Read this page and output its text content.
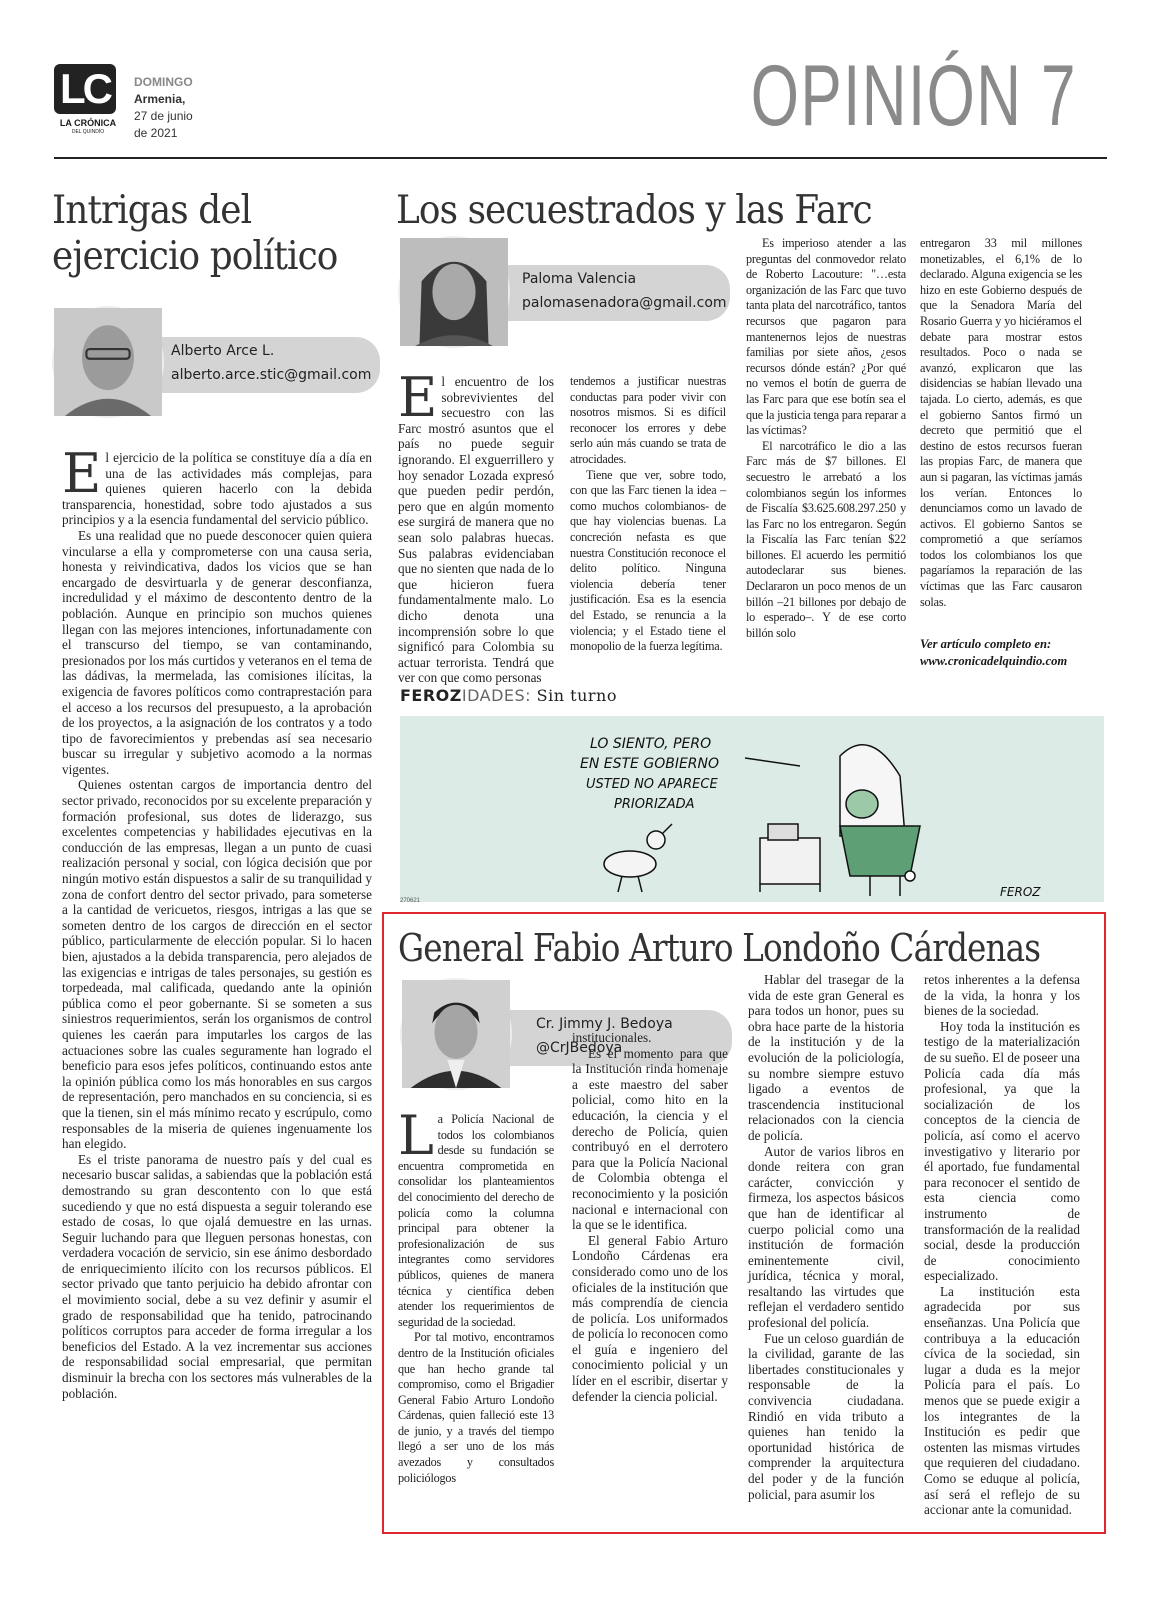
LC
LA CRÓNICA
DEL QUINDÍO
DOMINGO
Armenia,
27 de junio
de 2021	OPINIÓN 7
Intrigas del ejercicio político
Alberto Arce L.
alberto.arce.stic@gmail.com

El ejercicio de la política se constituye día a día en una de las actividades más complejas, para quienes quieren hacerlo con la debida transparencia, honestidad, sobre todo ajustados a sus principios y a la esencia fundamental del servicio público.

Es una realidad que no puede desconocer quien quiera vincularse a ella y comprometerse con una causa seria, honesta y reivindicativa, dados los vicios que se han encargado de desvirtuarla y de generar desconfianza, incredulidad y el máximo de descontento dentro de la población. Aunque en principio son muchos quienes llegan con las mejores intenciones, infortunadamente con el transcurso del tiempo, se van contaminando, presionados por los más curtidos y veteranos en el tema de las dádivas, la mermelada, las comisiones ilícitas, la exigencia de favores políticos como contraprestación para el acceso a los recursos del presupuesto, a la aprobación de los proyectos, a la asignación de los contratos y a todo tipo de favorecimientos y prebendas así sea necesario buscar su irregular y subjetivo acomodo a la normas vigentes.

Quienes ostentan cargos de importancia dentro del sector privado, reconocidos por su excelente preparación y formación profesional, sus dotes de liderazgo, sus excelentes competencias y habilidades ejecutivas en la conducción de las empresas, llegan a un punto de cuasi realización personal y social, con lógica decisión que por ningún motivo están dispuestos a salir de su tranquilidad y zona de confort dentro del sector privado, para someterse a la cantidad de vericuetos, riesgos, intrigas a las que se someten dentro de los cargos de dirección en el sector público, particularmente de elección popular. Si lo hacen bien, ajustados a la debida transparencia, pero alejados de las exigencias e intrigas de tales personajes, su gestión es torpedeada, mal calificada, quedando ante la opinión pública como el peor gobernante. Si se someten a sus siniestros requerimientos, serán los organismos de control quienes les caerán para imputarles los cargos de las actuaciones sobre las cuales seguramente han logrado el beneficio para esos jefes políticos, continuando estos ante la opinión pública como los más honorables en sus cargos de representación, pero manchados en su conciencia, si es que la tienen, sin el más mínimo recato y escrúpulo, como responsables de la miseria de quienes ingenuamente los han elegido.

Es el triste panorama de nuestro país y del cual es necesario buscar salidas, a sabiendas que la población está demostrando su gran descontento con lo que está sucediendo y que no está dispuesta a seguir tolerando ese estado de cosas, lo que ojalá demuestre en las urnas. Seguir luchando para que lleguen personas honestas, con verdadera vocación de servicio, sin ese ánimo desbordado de enriquecimiento ilícito con los recursos públicos. El sector privado que tanto perjuicio ha debido afrontar con el movimiento social, debe a su vez definir y asumir el grado de responsabilidad que ha tenido, patrocinando políticos corruptos para acceder de forma irregular a los beneficios del Estado. A la vez incrementar sus acciones de responsabilidad social empresarial, que permitan disminuir la brecha con los sectores más vulnerables de la población.

Los secuestrados y las Farc
Paloma Valencia
palomasenadora@gmail.com

El encuentro de los sobrevivientes del secuestro con las Farc mostró asuntos que el país no puede seguir ignorando. El exguerrillero y hoy senador Lozada expresó que pueden pedir perdón, pero que en algún momento ese surgirá de manera que no sean solo palabras huecas. Sus palabras evidenciaban que no sienten que nada de lo que hicieron fuera fundamentalmente malo. Lo dicho denota una incomprensión sobre lo que significó para Colombia su actuar terrorista. Tendrá que ver con que como personas

tendemos a justificar nuestras conductas para poder vivir con nosotros mismos. Si es difícil reconocer los errores y debe serlo aún más cuando se trata de atrocidades.

Tiene que ver, sobre todo, con que las Farc tienen la idea –como muchos colombianos- de que hay violencias buenas. La concreción nefasta es que nuestra Constitución reconoce el delito político. Ninguna violencia debería tener justificación. Esa es la esencia del Estado, se renuncia a la violencia; y el Estado tiene el monopolio de la fuerza legítima.

Es imperioso atender a las preguntas del conmovedor relato de Roberto Lacouture: "…esta organización de las Farc que tuvo tanta plata del narcotráfico, tantos recursos que pagaron para mantenernos lejos de nuestras familias por siete años, ¿esos recursos dónde están? ¿Por qué no vemos el botín de guerra de las Farc para que ese botín sea el que la justicia tenga para reparar a las víctimas?

El narcotráfico le dio a las Farc más de $7 billones. El secuestro le arrebató a los colombianos según los informes de Fiscalía $3.625.608.297.250 y las Farc no los entregaron. Según la Fiscalía las Farc tenían $22 billones. El acuerdo les permitió autodeclarar sus bienes. Declararon un poco menos de un billón –21 billones por debajo de lo esperado–. Y de ese corto billón solo

entregaron 33 mil millones monetizables, el 6,1% de lo declarado. Alguna exigencia se les hizo en este Gobierno después de que la Senadora María del Rosario Guerra y yo hiciéramos el debate para mostrar estos resultados. Poco o nada se avanzó, explicaron que las disidencias se habían llevado una tajada. Lo cierto, además, es que el gobierno Santos firmó un decreto que permitió que el destino de estos recursos fueran las propias Farc, de manera que aun si pagaran, las víctimas jamás los verían. Entonces lo denunciamos como un lavado de activos. El gobierno Santos se comprometió a que seríamos todos los colombianos los que pagaríamos la reparación de las víctimas que las Farc causaron solas.

Ver artículo completo en:
www.cronicadelquindio.com
FEROZIDADES: Sin turno
LO SIENTO, PERO
EN ESTE GOBIERNO
USTED NO APARECE
PRIORIZADA
FEROZ
270621
General Fabio Arturo Londoño Cárdenas
Cr. Jimmy J. Bedoya
@CrJBedoya

La Policía Nacional de todos los colombianos desde su fundación se encuentra comprometida en consolidar los planteamientos del conocimiento del derecho de policía como la columna principal para obtener la profesionalización de sus integrantes como servidores públicos, quienes de manera técnica y científica deben atender los requerimientos de seguridad de la sociedad.

Por tal motivo, encontramos dentro de la Institución oficiales que han hecho grande tal compromiso, como el Brigadier General Fabio Arturo Londoño Cárdenas, quien falleció este 13 de junio, y a través del tiempo llegó a ser uno de los más avezados y consultados policiólogos

institucionales.

Es el momento para que la Institución rinda homenaje a este maestro del saber policial, como hito en la educación, la ciencia y el derecho de Policía, quien contribuyó en el derrotero para que la Policía Nacional de Colombia obtenga el reconocimiento y la posición nacional e internacional con la que se le identifica.

El general Fabio Arturo Londoño Cárdenas era considerado como uno de los oficiales de la institución que más comprendía de ciencia de policía. Los uniformados de policía lo reconocen como el guía e ingeniero del conocimiento policial y un líder en el escribir, disertar y defender la ciencia policial.

Hablar del trasegar de la vida de este gran General es para todos un honor, pues su obra hace parte de la historia de la institución y de la evolución de la policiología, su nombre siempre estuvo ligado a eventos de trascendencia institucional relacionados con la ciencia de policía.

Autor de varios libros en donde reitera con gran carácter, convicción y firmeza, los aspectos básicos que han de identificar al cuerpo policial como una institución de formación eminentemente civil, jurídica, técnica y moral, resaltando las virtudes que reflejan el verdadero sentido profesional del policía.

Fue un celoso guardián de la civilidad, garante de las libertades constitucionales y responsable de la convivencia ciudadana. Rindió en vida tributo a quienes han tenido la oportunidad histórica de comprender la arquitectura del poder y de la función policial, para asumir los

retos inherentes a la defensa de la vida, la honra y los bienes de la sociedad.

Hoy toda la institución es testigo de la materialización de su sueño. El de poseer una Policía cada día más profesional, ya que la socialización de los conceptos de la ciencia de policía, así como el acervo investigativo y literario por él aportado, fue fundamental para reconocer el sentido de esta ciencia como instrumento de transformación de la realidad social, desde la producción de conocimiento especializado.

La institución esta agradecida por sus enseñanzas. Una Policía que contribuya a la educación cívica de la sociedad, sin lugar a duda es la mejor Policía para el país. Lo menos que se puede exigir a los integrantes de la Institución es pedir que ostenten las mismas virtudes que requieren del ciudadano. Como se eduque al policía, así será el reflejo de su accionar ante la comunidad.
